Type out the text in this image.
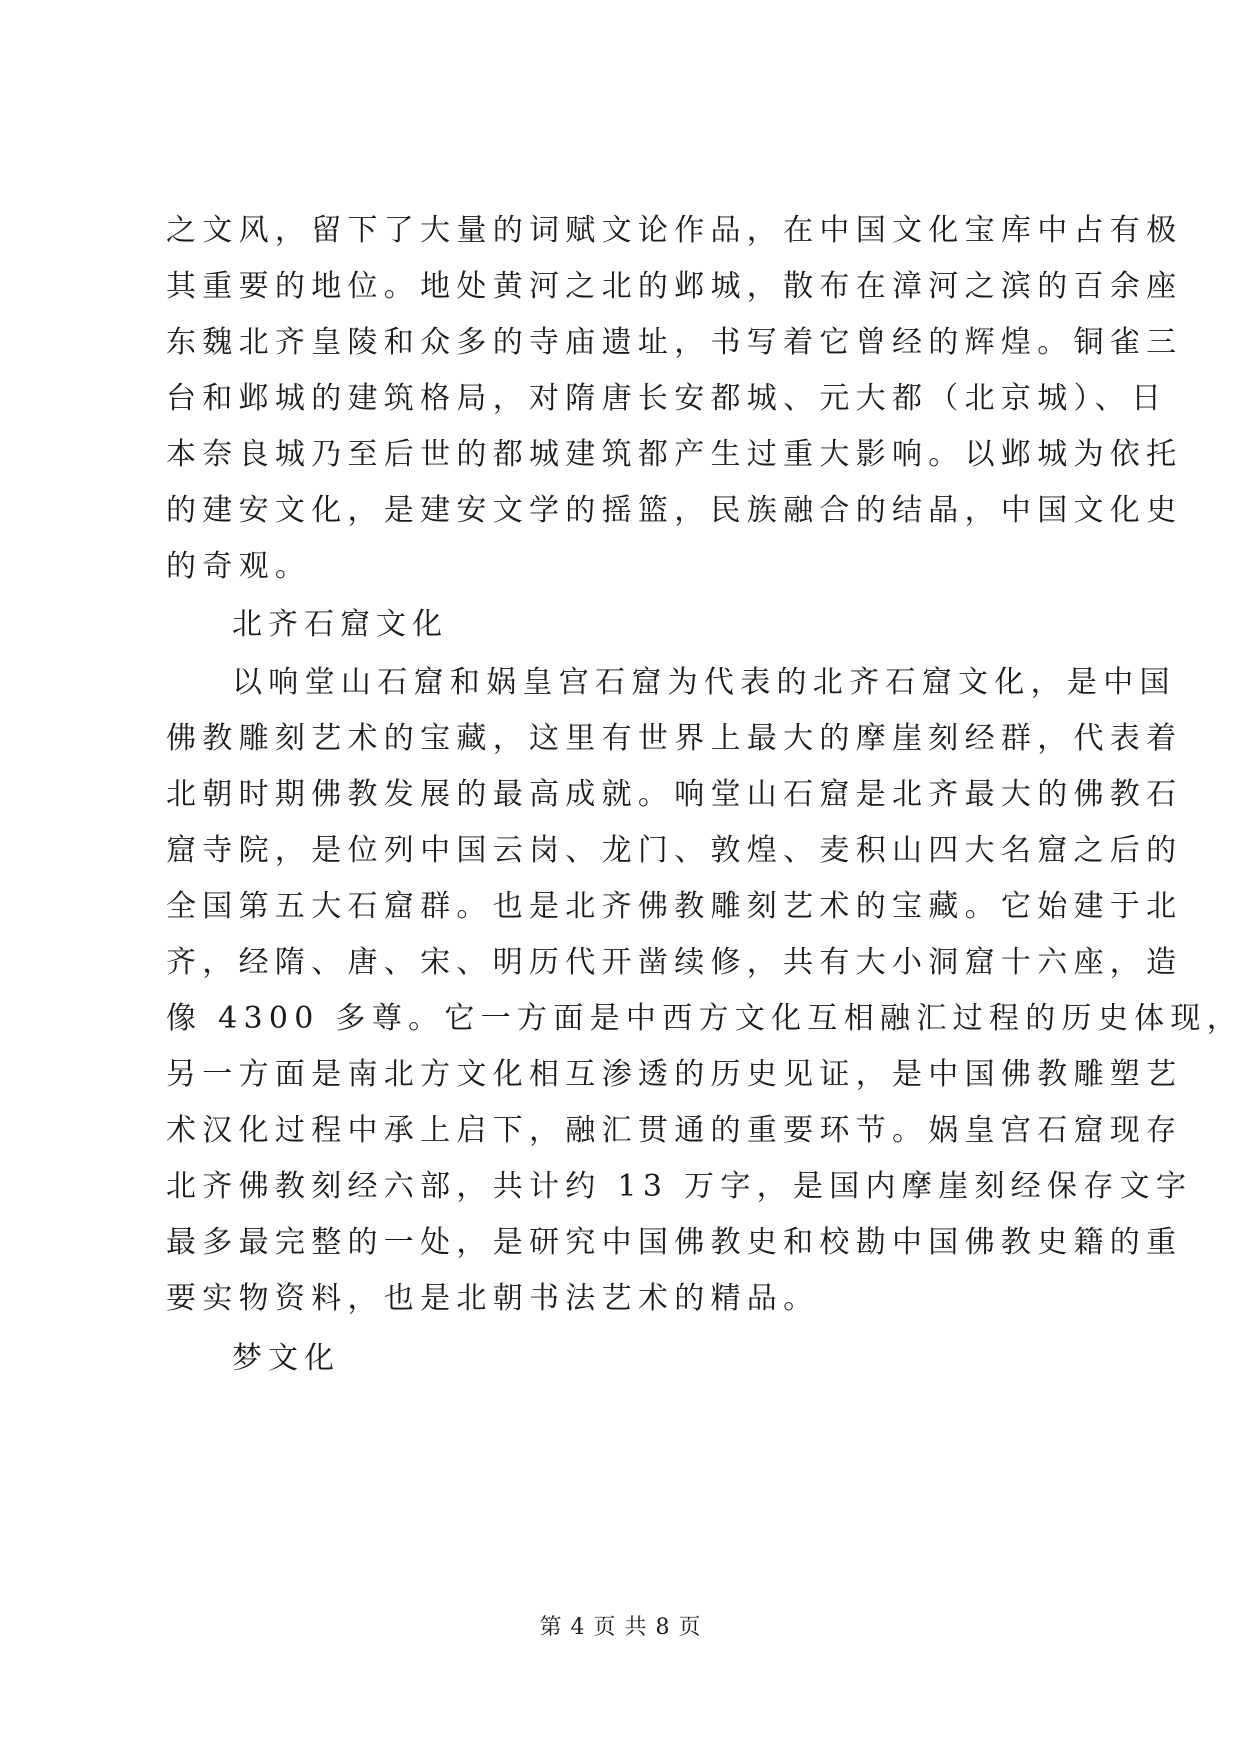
之文风，留下了大量的词赋文论作品，在中国文化宝库中占有极
其重要的地位。地处黄河之北的邺城，散布在漳河之滨的百余座
东魏北齐皇陵和众多的寺庙遗址，书写着它曾经的辉煌。铜雀三
台和邺城的建筑格局，对隋唐长安都城、元大都（北京城）、日
本奈良城乃至后世的都城建筑都产生过重大影响。以邺城为依托
的建安文化，是建安文学的摇篮，民族融合的结晶，中国文化史
的奇观。
北齐石窟文化
以响堂山石窟和娲皇宫石窟为代表的北齐石窟文化，是中国
佛教雕刻艺术的宝藏，这里有世界上最大的摩崖刻经群，代表着
北朝时期佛教发展的最高成就。响堂山石窟是北齐最大的佛教石
窟寺院，是位列中国云岗、龙门、敦煌、麦积山四大名窟之后的
全国第五大石窟群。也是北齐佛教雕刻艺术的宝藏。它始建于北
齐，经隋、唐、宋、明历代开凿续修，共有大小洞窟十六座，造
像 4300 多尊。它一方面是中西方文化互相融汇过程的历史体现，
另一方面是南北方文化相互渗透的历史见证，是中国佛教雕塑艺
术汉化过程中承上启下，融汇贯通的重要环节。娲皇宫石窟现存
北齐佛教刻经六部，共计约 13 万字，是国内摩崖刻经保存文字
最多最完整的一处，是研究中国佛教史和校勘中国佛教史籍的重
要实物资料，也是北朝书法艺术的精品。
梦文化
第 4 页 共 8 页
